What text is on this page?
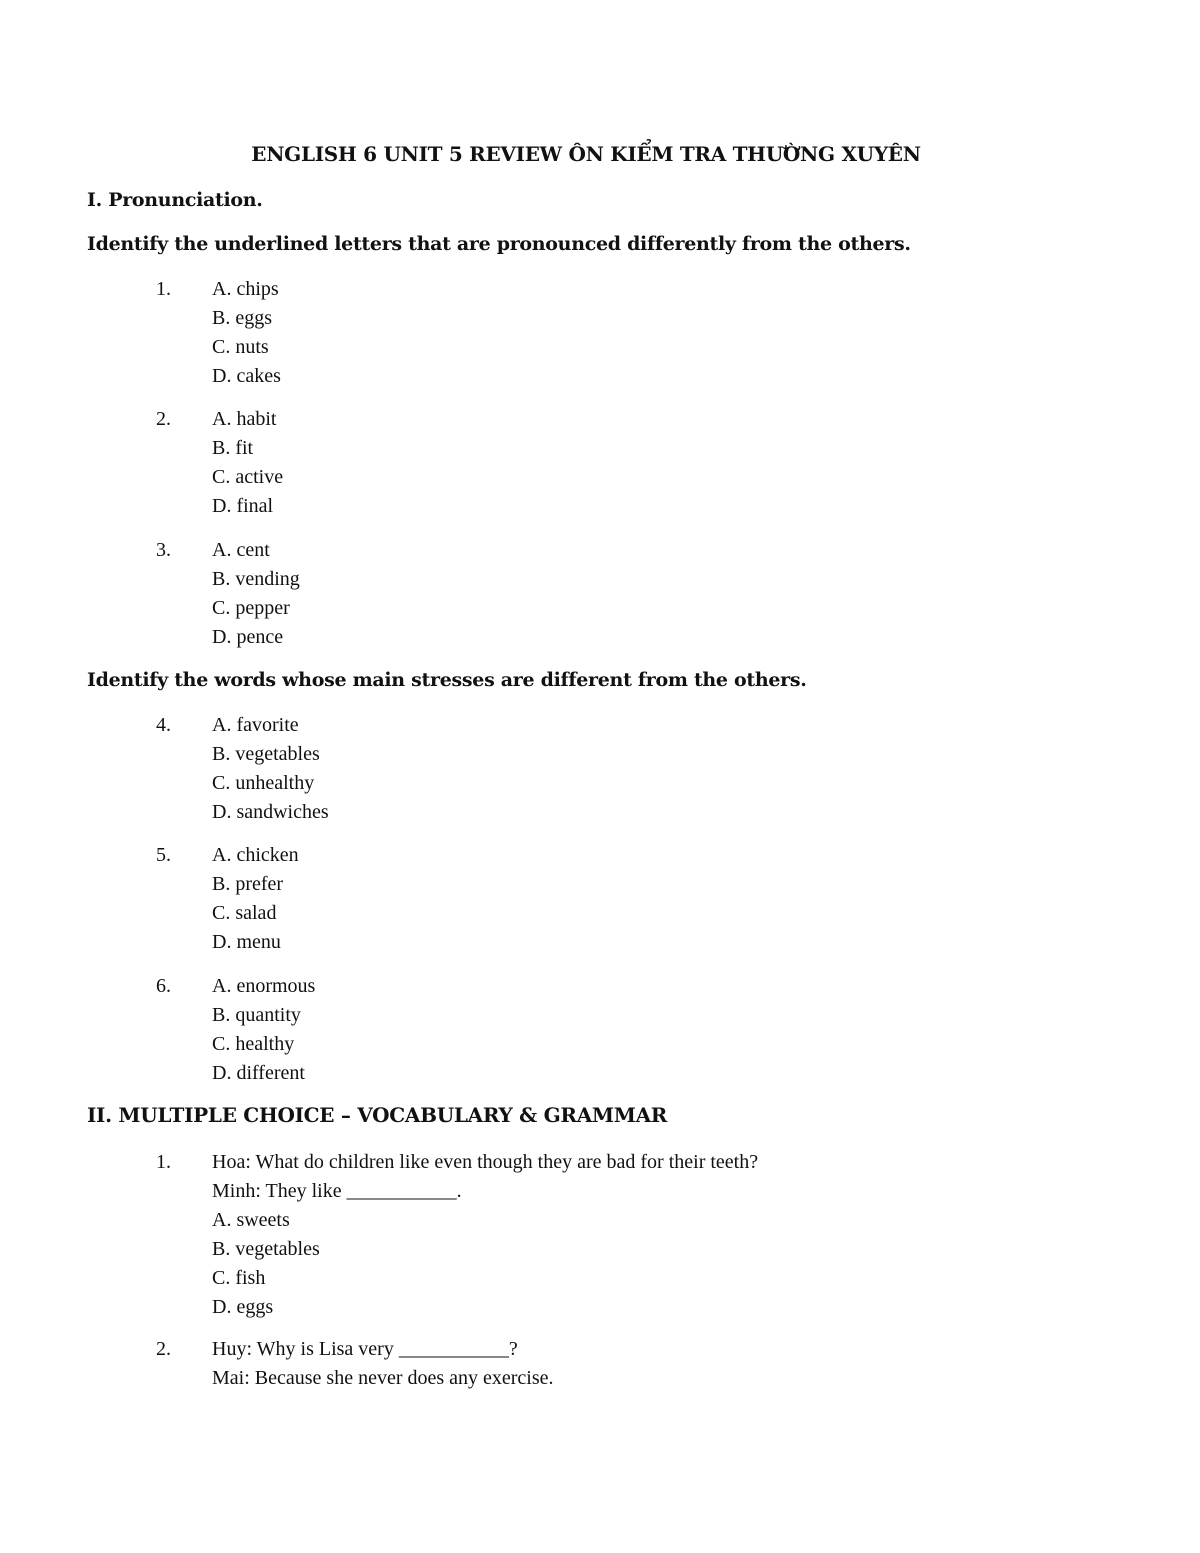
ENGLISH 6 UNIT 5 REVIEW ÔN KIỂM TRA THƯỜNG XUYÊN
I. Pronunciation.
Identify the underlined letters that are pronounced differently from the others.
1. A . chips
B . eggs
C . nuts
D . cakes
2. A . habit
B . fit
C . active
D . final
3. A . cent
B . vending
C . pepper
D . pence
Identify the words whose main stresses are different from the others.
4. A . favorite
B . vegetables
C . unhealthy
D . sandwiches
5. A . chicken
B . prefer
C . salad
D . menu
6. A . enormous
B . quantity
C . healthy
D . different
II. MULTIPLE CHOICE – VOCABULARY & GRAMMAR
1. Hoa: What do children like even though they are bad for their teeth?
Minh: They like ___________.
A . sweets
B . vegetables
C . fish
D . eggs
2. Huy: Why is Lisa very ___________?
Mai: Because she never does any exercise.
